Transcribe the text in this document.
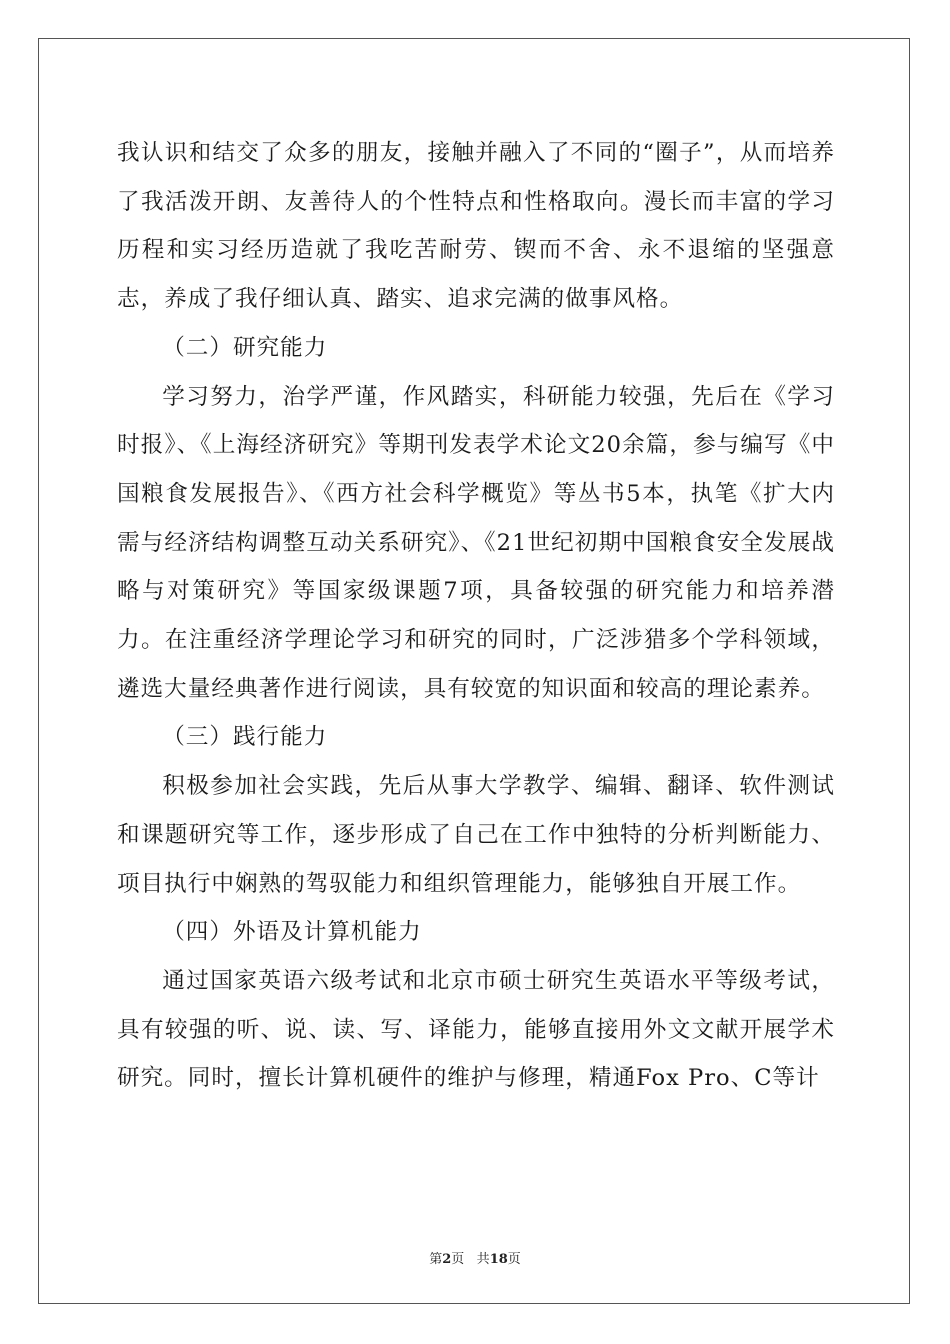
我认识和结交了众多的朋友，接触并融入了不同的“圈子”，从而培养了我活泼开朗、友善待人的个性特点和性格取向。漫长而丰富的学习历程和实习经历造就了我吃苦耐劳、锲而不舍、永不退缩的坚强意志，养成了我仔细认真、踏实、追求完满的做事风格。

（二）研究能力

学习努力，治学严谨，作风踏实，科研能力较强，先后在《学习时报》、《上海经济研究》等期刊发表学术论文20余篇，参与编写《中国粮食发展报告》、《西方社会科学概览》等丛书5本，执笔《扩大内需与经济结构调整互动关系研究》、《21世纪初期中国粮食安全发展战略与对策研究》等国家级课题7项，具备较强的研究能力和培养潜力。在注重经济学理论学习和研究的同时，广泛涉猎多个学科领域，遴选大量经典著作进行阅读，具有较宽的知识面和较高的理论素养。

（三）践行能力

积极参加社会实践，先后从事大学教学、编辑、翻译、软件测试和课题研究等工作，逐步形成了自己在工作中独特的分析判断能力、项目执行中娴熟的驾驭能力和组织管理能力，能够独自开展工作。

（四）外语及计算机能力

通过国家英语六级考试和北京市硕士研究生英语水平等级考试，具有较强的听、说、读、写、译能力，能够直接用外文文献开展学术研究。同时，擅长计算机硬件的维护与修理，精通Fox Pro、C等计

第2页 共18页
